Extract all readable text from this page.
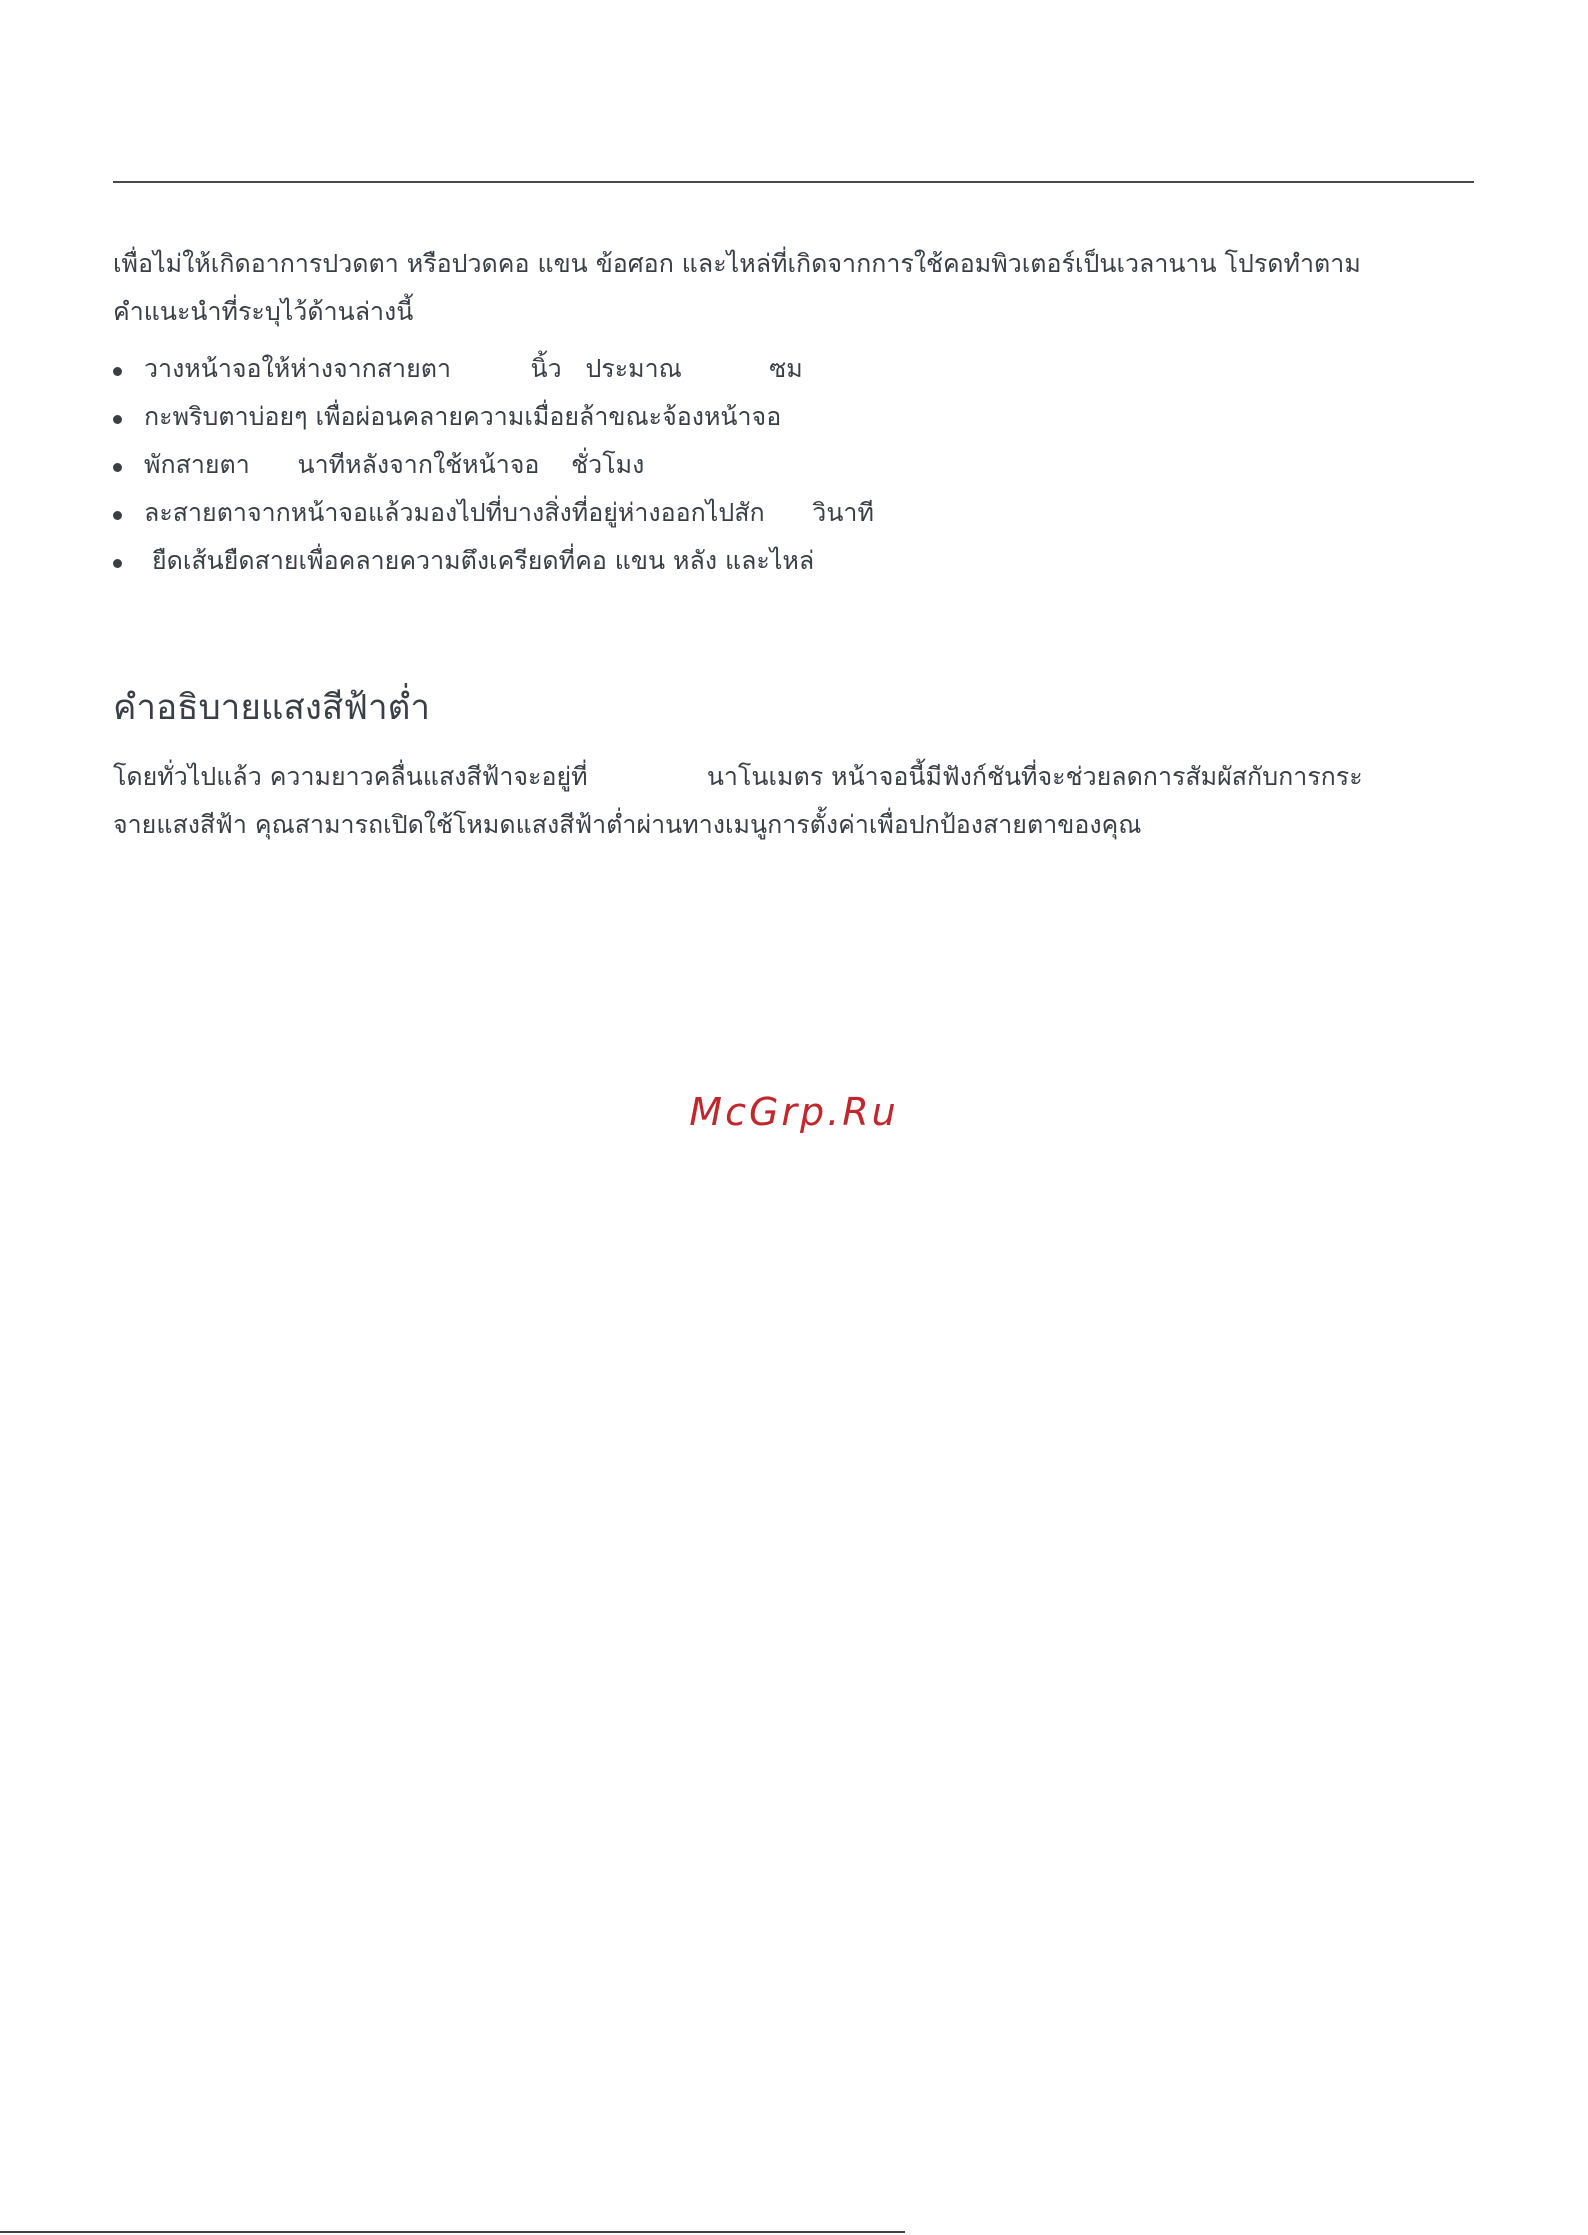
เพื่อไม่ให้เกิดอาการปวดตา หรือปวดคอ แขน ข้อศอก และไหล่ที่เกิดจากการใช้คอมพิวเตอร์เป็นเวลานาน โปรดทำตาม
คำแนะนำที่ระบุไว้ด้านล่างนี้

วางหน้าจอให้ห่างจากสายตา          นิ้ว   ประมาณ           ซม
กะพริบตาบ่อยๆ เพื่อผ่อนคลายความเมื่อยล้าขณะจ้องหน้าจอ
พักสายตา      นาทีหลังจากใช้หน้าจอ    ชั่วโมง
ละสายตาจากหน้าจอแล้วมองไปที่บางสิ่งที่อยู่ห่างออกไปสัก      วินาที
ยืดเส้นยืดสายเพื่อคลายความตึงเครียดที่คอ แขน หลัง และไหล่
คำอธิบายแสงสีฟ้าต่ำ

โดยทั่วไปแล้ว ความยาวคลื่นแสงสีฟ้าจะอยู่ที่               นาโนเมตร หน้าจอนี้มีฟังก์ชันที่จะช่วยลดการสัมผัสกับการกระ
จายแสงสีฟ้า คุณสามารถเปิดใช้โหมดแสงสีฟ้าต่ำผ่านทางเมนูการตั้งค่าเพื่อปกป้องสายตาของคุณ

McGrp.Ru
